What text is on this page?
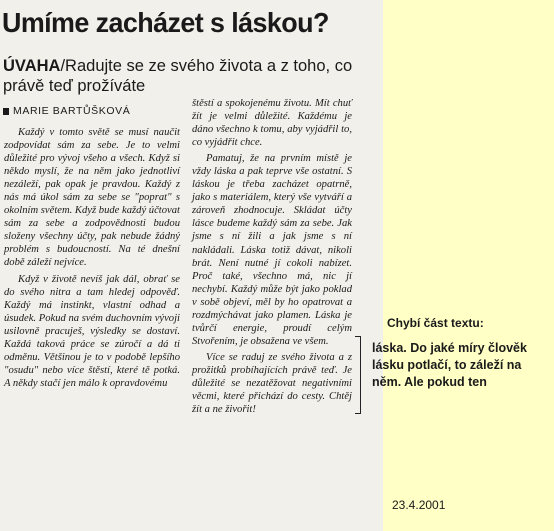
Umíme zacházet s láskou?
ÚVAHA/Radujte se ze svého života a z toho, co právě teď prožíváte
MARIE BARTŮŠKOVÁ

Každý v tomto světě se musí naučit zodpovídat sám za sebe. Je to velmi důležité pro vývoj všeho a všech. Když si někdo myslí, že na něm jako jednotliví nezáleží, pak opak je pravdou. Každý z nás má úkol sám za sebe se "poprat" s okolním světem. Když bude každý účtovat sám za sebe a zodpovědnosti budou složeny všechny účty, pak nebude žádný problém s budoucností. Na té dnešní době záleží nejvíce.

Když v životě nevíš jak dál, obrať se do svého nitra a tam hledej odpověď. Každý má instinkt, vlastní odhad a úsudek. Pokud na svém duchovním vývoji usilovně pracuješ, výsledky se dostaví. Každá taková práce se zúročí a dá ti odměnu. Většinou je to v podobě lepšího "osudu" nebo více štěstí, které tě potká. A někdy stačí jen málo k opravdovému

štěstí a spokojenému životu. Mít chuť žít je velmi důležité. Každému je dáno všechno k tomu, aby vyjádřil to, co vyjádřit chce.

Pamatuj, že na prvním místě je vždy láska a pak teprve vše ostatní. S láskou je třeba zacházet opatrně, jako s materiálem, který vše vytváří a zároveň zhodnocuje. Skládat účty lásce budeme každý sám za sebe. Jak jsme s ní žili a jak jsme s ní nakládali. Láska totiž dávat, nikoli brát. Není nutné jí cokoli nabízet. Proč také, všechno má, nic jí nechybí. Každý může být jako poklad v sobě objeví, měl by ho opatrovat a rozdmýchávat jako plamen. Láska je tvůrčí energie, proudí celým Stvořením, je obsažena ve všem.

Více se raduj ze svého života a z prožitků probíhajících právě teď. Je důležité se nezatěžovat negativními věcmi, které přichází do cesty. Chtěj žít a ne živořit!

Chybí část textu:
láska. Do jaké míry člověk lásku potlačí, to záleží na něm. Ale pokud ten
23.4.2001
